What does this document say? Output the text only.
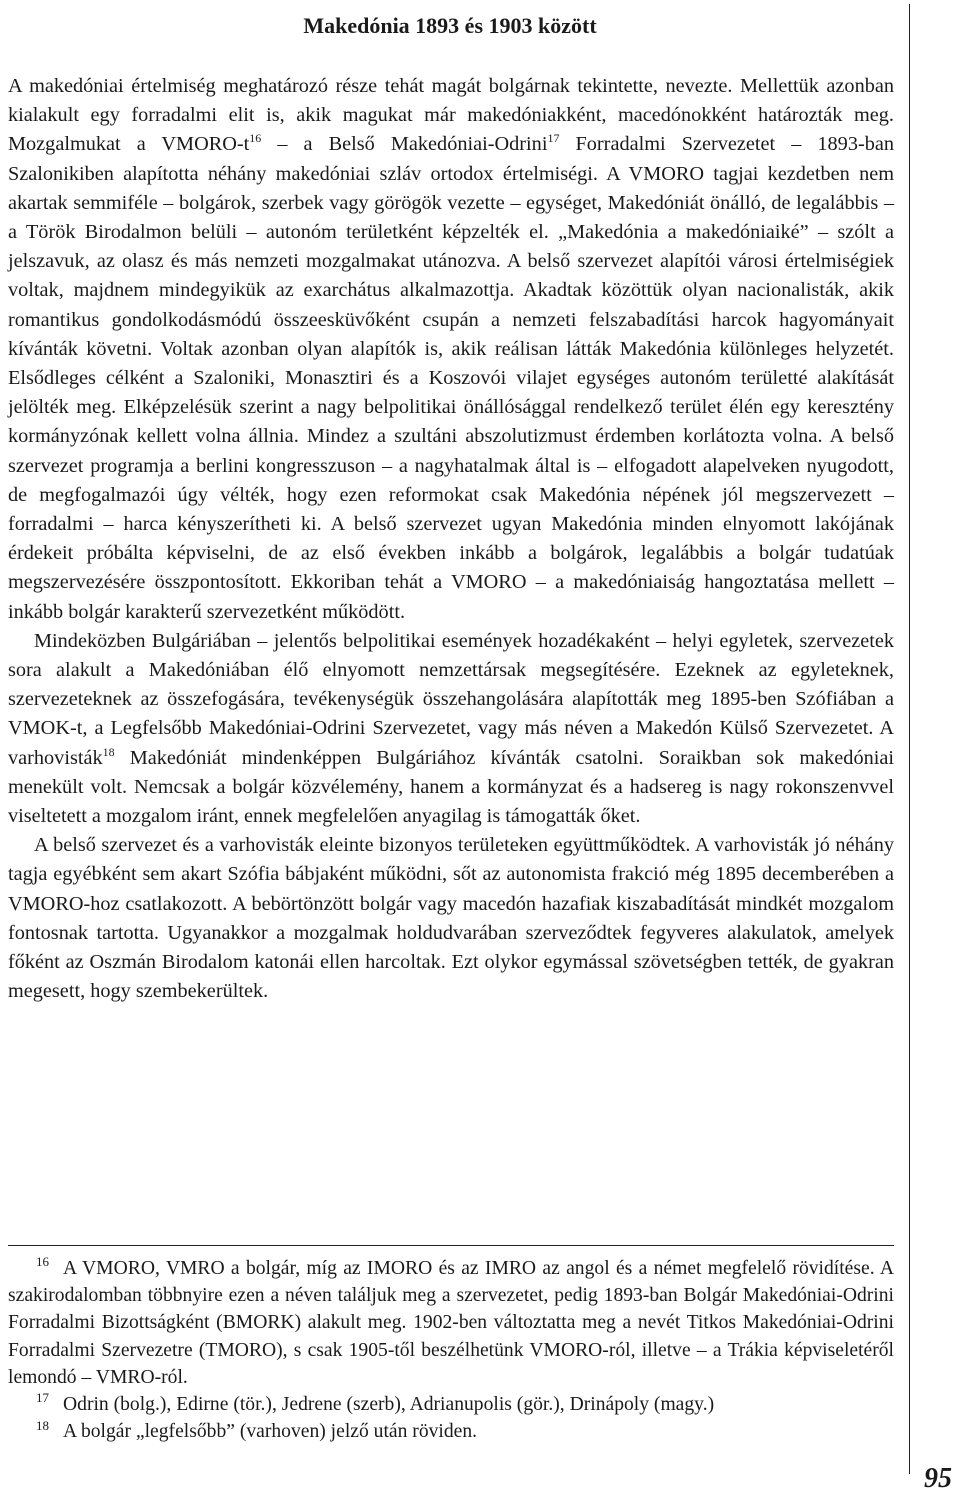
Makedónia 1893 és 1903 között

A makedóniai értelmiség meghatározó része tehát magát bolgárnak tekintette, nevezte. Mellettük azonban kialakult egy forradalmi elit is, akik magukat már makedóniakként, macedónokként határozták meg. Mozgalmukat a VMORO-t$^{16}$ – a Belső Makedóniai-Odrini$^{17}$ Forradalmi Szervezetet – 1893-ban Szalonikiben alapította néhány makedóniai szláv ortodox értelmiségi. A VMORO tagjai kezdetben nem akartak semmiféle – bolgárok, szerbek vagy görögök vezette – egységet, Makedóniát önálló, de legalábbis – a Török Birodalmon belüli – autonóm területként képzelték el. „Makedónia a makedóniaiké” – szólt a jelszavuk, az olasz és más nemzeti mozgalmakat utánozva. A belső szervezet alapítói városi értelmiségiek voltak, majdnem mindegyikük az exarchátus alkalmazottja. Akadtak közöttük olyan nacionalisták, akik romantikus gondolkodásmódú összeesküvőként csupán a nemzeti felszabadítási harcok hagyományait kívánták követni. Voltak azonban olyan alapítók is, akik reálisan látták Makedónia különleges helyzetét. Elsődleges célként a Szaloniki, Monasztiri és a Koszovói vilajet egységes autonóm területté alakítását jelölték meg. Elképzelésük szerint a nagy belpolitikai önállósággal rendelkező terület élén egy keresztény kormányzónak kellett volna állnia. Mindez a szultáni abszolutizmust érdemben korlátozta volna. A belső szervezet programja a berlini kongresszuson – a nagyhatalmak által is – elfogadott alapelveken nyugodott, de megfogalmazói úgy vélték, hogy ezen reformokat csak Makedónia népének jól megszervezett – forradalmi – harca kényszerítheti ki. A belső szervezet ugyan Makedónia minden elnyomott lakójának érdekeit próbálta képviselni, de az első években inkább a bolgárok, legalábbis a bolgár tudatúak megszervezésére összpontosított. Ekkoriban tehát a VMORO – a makedóniaiság hangoztatása mellett – inkább bolgár karakterű szervezetként működött.

Mindeközben Bulgáriában – jelentős belpolitikai események hozadékaként – helyi egyletek, szervezetek sora alakult a Makedóniában élő elnyomott nemzettársak megsegítésére. Ezeknek az egyleteknek, szervezeteknek az összefogására, tevékenységük összehangolására alapították meg 1895-ben Szófiában a VMOK-t, a Legfelsőbb Makedóniai-Odrini Szervezetet, vagy más néven a Makedón Külső Szervezetet. A varhovisták$^{18}$ Makedóniát mindenképpen Bulgáriához kívánták csatolni. Soraikban sok makedóniai menekült volt. Nemcsak a bolgár közvélemény, hanem a kormányzat és a hadsereg is nagy rokonszenvvel viseltetett a mozgalom iránt, ennek megfelelően anyagilag is támogatták őket.

A belső szervezet és a varhovisták eleinte bizonyos területeken együttműködtek. A varhovisták jó néhány tagja egyébként sem akart Szófia bábjaként működni, sőt az autonomista frakció még 1895 decemberében a VMORO-hoz csatlakozott. A bebörtönzött bolgár vagy macedón hazafiak kiszabadítását mindkét mozgalom fontosnak tartotta. Ugyanakkor a mozgalmak holdudvarában szerveződtek fegyveres alakulatok, amelyek főként az Oszmán Birodalom katonái ellen harcoltak. Ezt olykor egymással szövetségben tették, de gyakran megesett, hogy szembekerültek.

$^{16}$ A VMORO, VMRO a bolgár, míg az IMORO és az IMRO az angol és a német megfelelő rövidítése. A szakirodalomban többnyire ezen a néven találjuk meg a szervezetet, pedig 1893-ban Bolgár Makedóniai-Odrini Forradalmi Bizottságként (BMORK) alakult meg. 1902-ben változtatta meg a nevét Titkos Makedóniai-Odrini Forradalmi Szervezetre (TMORO), s csak 1905-től beszélhetünk VMORO-ról, illetve – a Trákia képviseletéről lemondó – VMRO-ról.

$^{17}$ Odrin (bolg.), Edirne (tör.), Jedrene (szerb), Adrianupolis (gör.), Drinápoly (magy.)

$^{18}$ A bolgár „legfelsőbb” (varhoven) jelző után röviden.

95
